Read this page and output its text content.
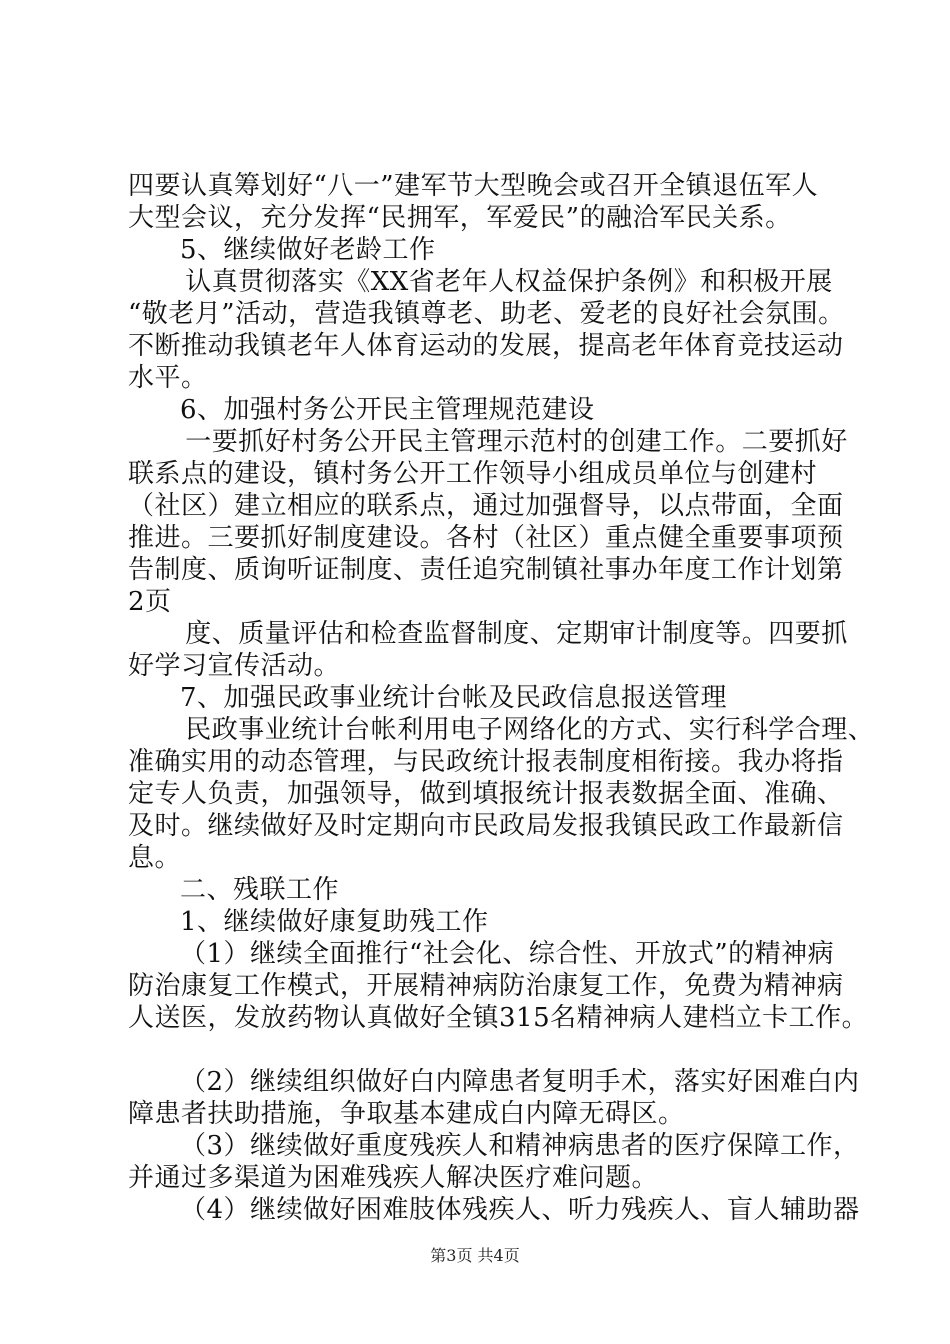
四要认真筹划好“八一”建军节大型晚会或召开全镇退伍军人
大型会议，充分发挥“民拥军，军爱民”的融洽军民关系。
5、继续做好老龄工作
认真贯彻落实《XX省老年人权益保护条例》和积极开展
“敬老月”活动，营造我镇尊老、助老、爱老的良好社会氛围。
不断推动我镇老年人体育运动的发展，提高老年体育竞技运动
水平。
6、加强村务公开民主管理规范建设
一要抓好村务公开民主管理示范村的创建工作。二要抓好
联系点的建设，镇村务公开工作领导小组成员单位与创建村
（社区）建立相应的联系点，通过加强督导，以点带面，全面
推进。三要抓好制度建设。各村（社区）重点健全重要事项预
告制度、质询听证制度、责任追究制镇社事办年度工作计划第
2页
度、质量评估和检查监督制度、定期审计制度等。四要抓
好学习宣传活动。
7、加强民政事业统计台帐及民政信息报送管理
民政事业统计台帐利用电子网络化的方式、实行科学合理、
准确实用的动态管理，与民政统计报表制度相衔接。我办将指
定专人负责，加强领导，做到填报统计报表数据全面、准确、
及时。继续做好及时定期向市民政局发报我镇民政工作最新信
息。
二、残联工作
1、继续做好康复助残工作
（1）继续全面推行“社会化、综合性、开放式”的精神病
防治康复工作模式，开展精神病防治康复工作，免费为精神病
人送医，发放药物认真做好全镇315名精神病人建档立卡工作。
（2）继续组织做好白内障患者复明手术，落实好困难白内
障患者扶助措施，争取基本建成白内障无碍区。
（3）继续做好重度残疾人和精神病患者的医疗保障工作，
并通过多渠道为困难残疾人解决医疗难问题。
（4）继续做好困难肢体残疾人、听力残疾人、盲人辅助器
第3页 共4页
